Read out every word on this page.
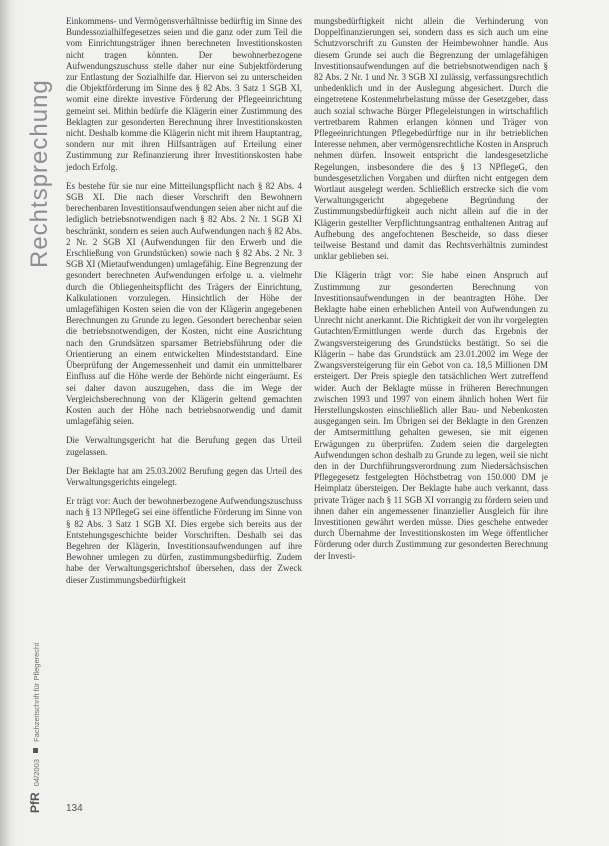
Rechtsprechung
PfR 04/2003  Fachzeitschrift für Pflegerecht

Einkommens- und Vermögensverhältnisse bedürftig im Sinne des Bundessozialhilfegesetzes seien und die ganz oder zum Teil die vom Einrichtungsträger ihnen berechneten Investitionskosten nicht tragen könnten. Der bewohnerbezogene Aufwendungszuschuss stelle daher nur eine Subjektförderung zur Entlastung der Sozialhilfe dar. Hiervon sei zu unterscheiden die Objektförderung im Sinne des § 82 Abs. 3 Satz 1 SGB XI, womit eine direkte investive Förderung der Pflegeeinrichtung gemeint sei. Mithin bedürfe die Klägerin einer Zustimmung des Beklagten zur gesonderten Berechnung ihrer Investitionskosten nicht. Deshalb komme die Klägerin nicht mit ihrem Hauptantrag, sondern nur mit ihren Hilfsanträgen auf Erteilung einer Zustimmung zur Refinanzierung ihrer Investitionskosten habe jedoch Erfolg.

Es bestehe für sie nur eine Mitteilungspflicht nach § 82 Abs. 4 SGB XI. Die nach dieser Vorschrift den Bewohnern berechenbaren Investitionsaufwendungen seien aber nicht auf die lediglich betriebsnotwendigen nach § 82 Abs. 2 Nr. 1 SGB XI beschränkt, sondern es seien auch Aufwendungen nach § 82 Abs. 2 Nr. 2 SGB XI (Aufwendungen für den Erwerb und die Erschließung von Grundstücken) sowie nach § 82 Abs. 2 Nr. 3 SGB XI (Mietaufwendungen) umlagefähig. Eine Begrenzung der gesondert berechneten Aufwendungen erfolge u. a. vielmehr durch die Obliegenheitspflicht des Trägers der Einrichtung, Kalkulationen vorzulegen. Hinsichtlich der Höhe der umlagefähigen Kosten seien die von der Klägerin angegebenen Berechnungen zu Grunde zu legen. Gesondert berechenbar seien die betriebsnotwendigen, der Kosten, nicht eine Ausrichtung nach den Grundsätzen sparsamer Betriebsführung oder die Orientierung an einem entwickelten Mindeststandard. Eine Überprüfung der Angemessenheit und damit ein unmittelbarer Einfluss auf die Höhe werde der Behörde nicht eingeräumt. Es sei daher davon auszugehen, dass die im Wege der Vergleichsberechnung von der Klägerin geltend gemachten Kosten auch der Höhe nach betriebsnotwendig und damit umlagefähig seien.

Die Verwaltungsgericht hat die Berufung gegen das Urteil zugelassen.

Der Beklagte hat am 25.03.2002 Berufung gegen das Urteil des Verwaltungsgerichts eingelegt.

Er trägt vor: Auch der bewohnerbezogene Aufwendungszuschuss nach § 13 NPflegeG sei eine öffentliche Förderung im Sinne von § 82 Abs. 3 Satz 1 SGB XI. Dies ergebe sich bereits aus der Entstehungsgeschichte beider Vorschriften. Deshalb sei das Begehren der Klägerin, Investitionsaufwendungen auf ihre Bewohner umlegen zu dürfen, zustimmungsbedürftig. Zudem habe der Verwaltungsgerichtshof übersehen, dass der Zweck dieser Zustimmungsbedürftigkeit

mungsbedürftigkeit nicht allein die Verhinderung von Doppelfinanzierungen sei, sondern dass es sich auch um eine Schutzvorschrift zu Gunsten der Heimbewohner handle. Aus diesem Grunde sei auch die Begrenzung der umlagefähigen Investitionsaufwendungen auf die betriebsnotwendigen nach § 82 Abs. 2 Nr. 1 und Nr. 3 SGB XI zulässig, verfassungsrechtlich unbedenklich und in der Auslegung abgesichert. Durch die eingetretene Kostenmehrbelastung müsse der Gesetzgeber, dass auch sozial schwache Bürger Pflegeleistungen in wirtschaftlich vertretbarem Rahmen erlangen können und Träger von Pflegeeinrichtungen Pflegebedürftige nur in ihr betrieblichen Interesse nehmen, aber vermögensrechtliche Kosten in Anspruch nehmen dürfen. Insoweit entspricht die landesgesetzliche Regelungen, insbesondere die des § 13 NPflegeG, den bundesgesetzlichen Vorgaben und dürften nicht entgegen dem Wortlaut ausgelegt werden. Schließlich erstrecke sich die vom Verwaltungsgericht abgegebene Begründung der Zustimmungsbedürftigkeit auch nicht allein auf die in der Klägerin gestellter Verpflichtungsantrag enthaltenen Antrag auf Aufhebung des angefochtenen Bescheide, so dass dieser teilweise Bestand und damit das Rechtsverhältnis zumindest unklar geblieben sei.

Die Klägerin trägt vor: Sie habe einen Anspruch auf Zustimmung zur gesonderten Berechnung von Investitionsaufwendungen in der beantragten Höhe. Der Beklagte habe einen erheblichen Anteil von Aufwendungen zu Unrecht nicht anerkannt. Die Richtigkeit der von ihr vorgelegten Gutachten/Ermittlungen werde durch das Ergebnis der Zwangsversteigerung des Grundstücks bestätigt. So sei die Klägerin – habe das Grundstück am 23.01.2002 im Wege der Zwangsversteigerung für ein Gebot von ca. 18,5 Millionen DM ersteigert. Der Preis spiegle den tatsächlichen Wert zutreffend wider. Auch der Beklagte müsse in früheren Berechnungen zwischen 1993 und 1997 von einem ähnlich hohen Wert für Herstellungskosten einschließlich aller Bau- und Nebenkosten ausgegangen sein. Im Übrigen sei der Beklagte in den Grenzen der Amtsermittlung gehalten gewesen, sie mit eigenen Erwägungen zu überprüfen. Zudem seien die dargelegten Aufwendungen schon deshalb zu Grunde zu legen, weil sie nicht den in der Durchführungsverordnung zum Niedersächsischen Pflegegesetz festgelegten Höchstbetrag von 150.000 DM je Heimplatz übersteigen. Der Beklagte habe auch verkannt, dass private Träger nach § 11 SGB XI vorrangig zu fördern seien und ihnen daher ein angemessener finanzieller Ausgleich für ihre Investitionen gewährt werden müsse. Dies geschehe entweder durch Übernahme der Investitionskosten im Wege öffentlicher Förderung oder durch Zustimmung zur gesonderten Berechnung der Investi-

134
